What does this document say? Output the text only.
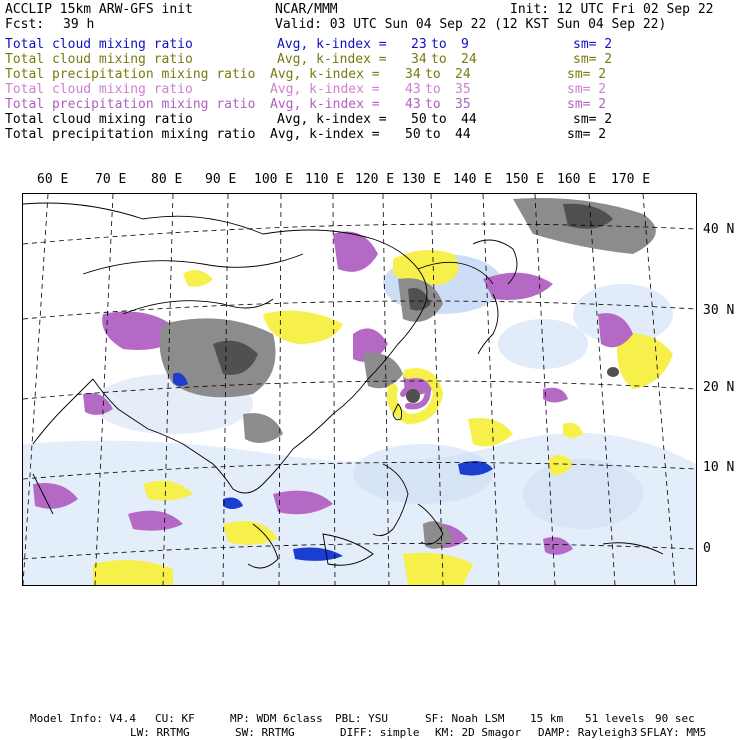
ACCLIP 15km ARW-GFS init	NCAR/MMM	Init: 12 UTC Fri 02 Sep 22
Fcst: 39 h	Valid: 03 UTC Sun 04 Sep 22 (12 KST Sun 04 Sep 22)
Total cloud mixing ratio	Avg, k-index = 23 to 9	sm= 2
Total cloud mixing ratio	Avg, k-index = 34 to 24	sm= 2
Total precipitation mixing ratio Avg, k-index = 34 to 24	sm= 2
Total cloud mixing ratio	Avg, k-index = 43 to 35	sm= 2
Total precipitation mixing ratio Avg, k-index = 43 to 35	sm= 2
Total cloud mixing ratio	Avg, k-index = 50 to 44	sm= 2
Total precipitation mixing ratio Avg, k-index = 50 to 44	sm= 2
60 E 70 E 80 E 90 E 100 E 110 E 120 E 130 E 140 E 150 E 160 E 170 E
40 N
30 N
20 N
10 N
0
Model Info: V4.4 CU: KF	MP: WDM 6class PBL: YSU	SF: Noah LSM 15 km 51 levels 90 sec
LW: RRTMG	SW: RRTMG	DIFF: simple KM: 2D Smagor DAMP: Rayleigh3 SFLAY: MM5
